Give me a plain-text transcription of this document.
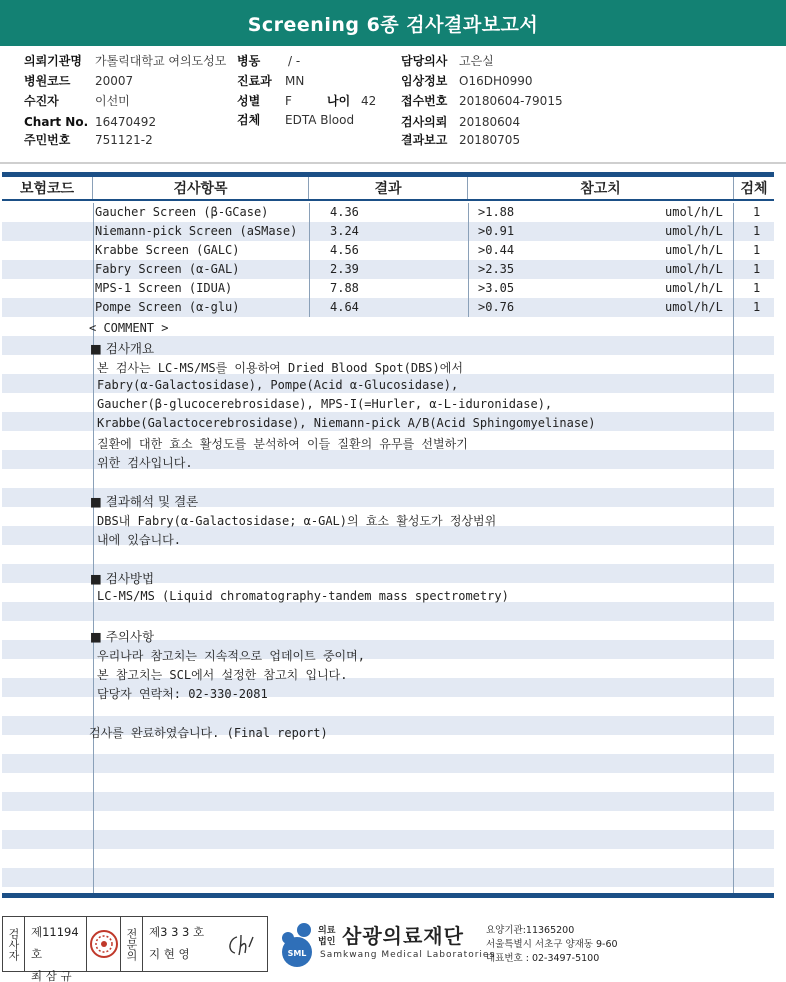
Screening 6종 검사결과보고서
의뢰기관명 가톨릭대학교 여의도성모 병동 / -	담당의사 고은실
병원코드 20007	진료과 MN	임상정보 O16DH0990
수진자	이선미	성별 F	나이 42 접수번호 20180604-79015
Chart No. 16470492	검체 EDTA Blood	검사의뢰 20180604
주민번호 751121-2	결과보고 20180705
보험코드	검사항목	결과	참고치	검체
Gaucher Screen (β-GCase)	4.36	>1.88	umol/h/L	1
Niemann-pick Screen (aSMase)	3.24	>0.91	umol/h/L	1
Krabbe Screen (GALC)	4.56	>0.44	umol/h/L	1
Fabry Screen (α-GAL)	2.39	>2.35	umol/h/L	1
MPS-1 Screen (IDUA)	7.88	>3.05	umol/h/L	1
Pompe Screen (α-glu)	4.64	>0.76	umol/h/L	1
< COMMENT >
■ 검사개요
본 검사는 LC-MS/MS를 이용하여 Dried Blood Spot(DBS)에서
Fabry(α-Galactosidase), Pompe(Acid α-Glucosidase),
Gaucher(β-glucocerebrosidase), MPS-I(=Hurler, α-L-iduronidase),
Krabbe(Galactocerebrosidase), Niemann-pick A/B(Acid Sphingomyelinase)
질환에 대한 효소 활성도를 분석하여 이들 질환의 유무를 선별하기
위한 검사입니다.
■ 결과해석 및 결론
DBS내 Fabry(α-Galactosidase; α-GAL)의 효소 활성도가 정상범위
내에 있습니다.
■ 검사방법
LC-MS/MS (Liquid chromatography-tandem mass spectrometry)
■ 주의사항
우리나라 참고치는 지속적으로 업데이트 중이며,
본 참고치는 SCL에서 설정한 참고치 입니다.
담당자 연락처: 02-330-2081
검사를 완료하였습니다. (Final report)
검사자 제11194호
최 삼 규
전문의 제3 3 3 호
지 현 영	SML
의료법인 삼광의료재단
Samkwang Medical Laboratories
요양기관:11365200
서울특별시 서초구 양재동 9-60
대표번호 : 02-3497-5100
